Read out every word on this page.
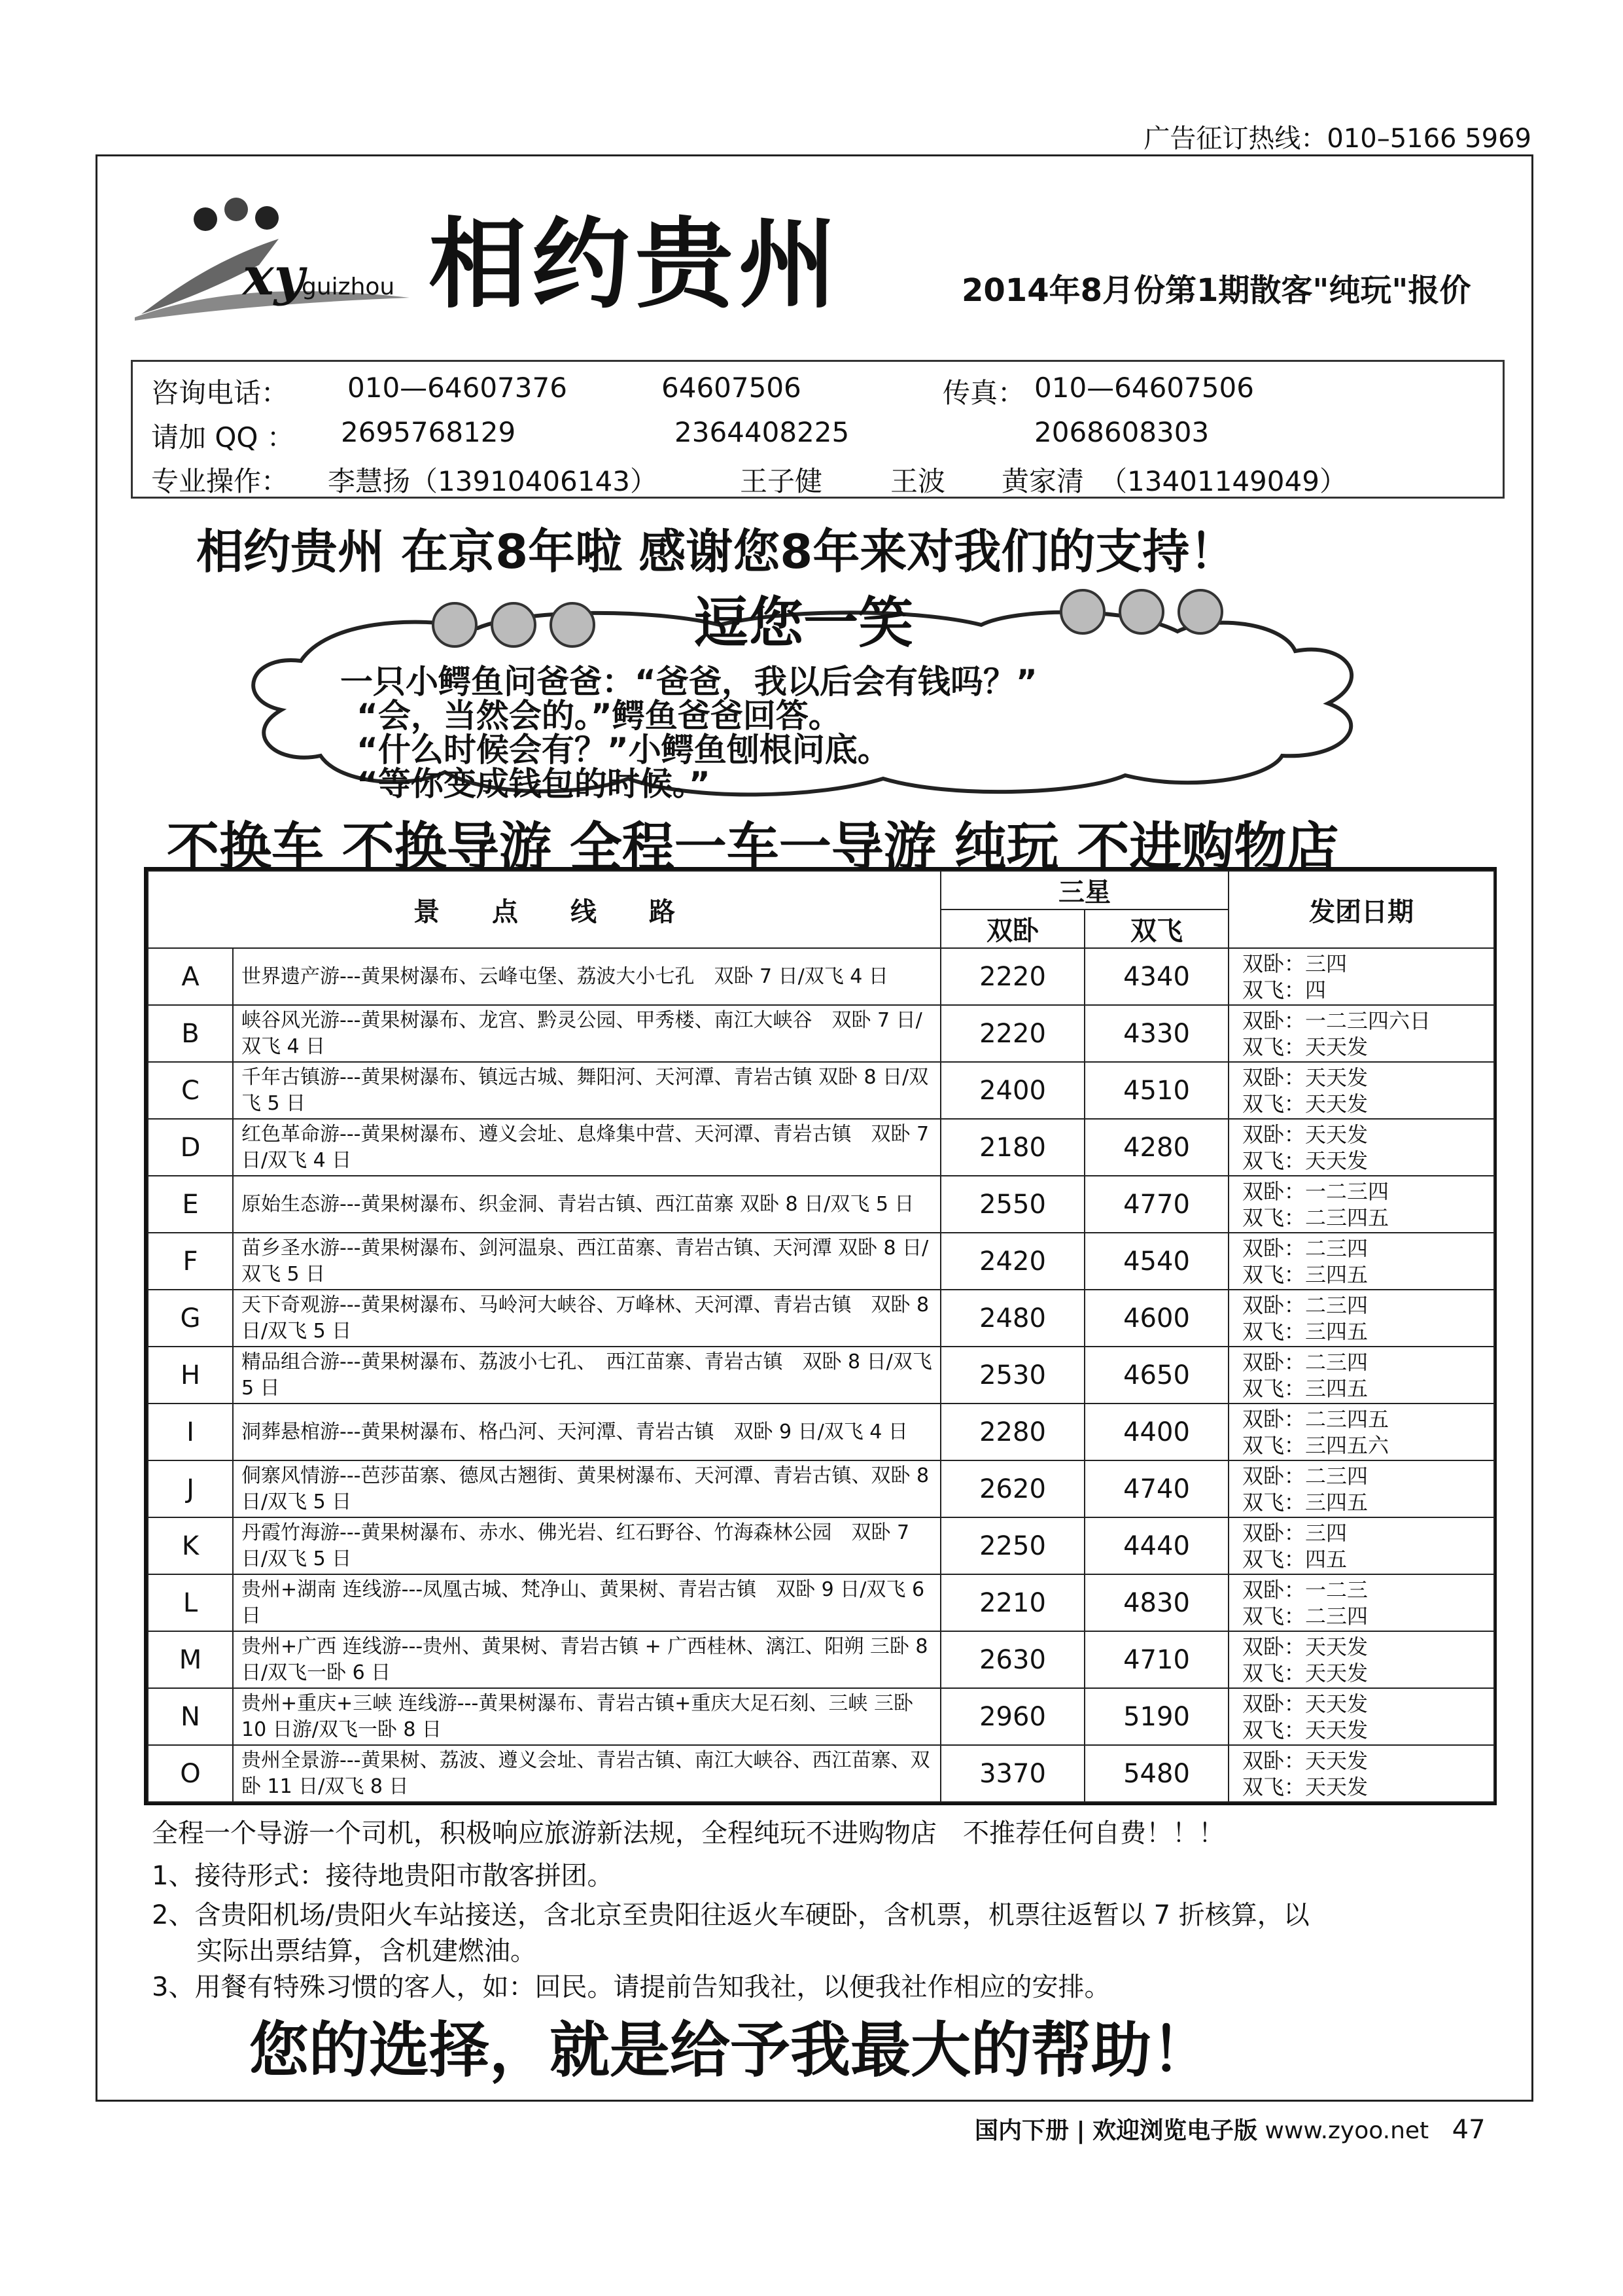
广告征订热线：010–5166 5969
xy
guizhou 相约贵州	2014年8月份第1期散客"纯玩"报价
咨询电话： 010—64607376	64607506	传真： 010—64607506
请加 QQ ： 2695768129	2364408225	2068608303
专业操作： 李慧扬（13910406143）	王子健 王波 黄家清 （13401149049）
相约贵州 在京8年啦 感谢您8年来对我们的支持！
逗您一笑
一只小鳄鱼问爸爸：“爸爸，我以后会有钱吗？”
“会，当然会的。”鳄鱼爸爸回答。
“什么时候会有？”小鳄鱼刨根问底。
“等你变成钱包的时候。”
不换车 不换导游 全程一车一导游 纯玩 不进购物店
景　　点　　线　　路		三星		发团日期
		双卧	双飞	
A	世界遗产游---黄果树瀑布、云峰屯堡、荔波大小七孔　双卧 7 日/双飞 4 日	2220	4340	双卧：三四
双飞：四

B	峡谷风光游---黄果树瀑布、龙宫、黔灵公园、甲秀楼、南江大峡谷　双卧 7 日/双飞 4 日	2220	4330	双卧：一二三四六日
双飞：天天发

C	千年古镇游---黄果树瀑布、镇远古城、舞阳河、天河潭、青岩古镇 双卧 8 日/双飞 5 日	2400	4510	双卧：天天发
双飞：天天发

D	红色革命游---黄果树瀑布、遵义会址、息烽集中营、天河潭、青岩古镇　双卧 7 日/双飞 4 日	2180	4280	双卧：天天发
双飞：天天发

E	原始生态游---黄果树瀑布、织金洞、青岩古镇、西江苗寨 双卧 8 日/双飞 5 日	2550	4770	双卧：一二三四
双飞：二三四五

F	苗乡圣水游---黄果树瀑布、剑河温泉、西江苗寨、青岩古镇、天河潭 双卧 8 日/双飞 5 日	2420	4540	双卧：二三四
双飞：三四五

G	天下奇观游---黄果树瀑布、马岭河大峡谷、万峰林、天河潭、青岩古镇　双卧 8 日/双飞 5 日	2480	4600	双卧：二三四
双飞：三四五

H	精品组合游---黄果树瀑布、荔波小七孔、　西江苗寨、青岩古镇　双卧 8 日/双飞 5 日	2530	4650	双卧：二三四
双飞：三四五

I	洞葬悬棺游---黄果树瀑布、格凸河、天河潭、青岩古镇　双卧 9 日/双飞 4 日	2280	4400	双卧：二三四五
双飞：三四五六

J	侗寨风情游---芭莎苗寨、德凤古翘街、黄果树瀑布、天河潭、青岩古镇、双卧 8 日/双飞 5 日	2620	4740	双卧：二三四
双飞：三四五

K	丹霞竹海游---黄果树瀑布、赤水、佛光岩、红石野谷、竹海森林公园　双卧 7 日/双飞 5 日	2250	4440	双卧：三四
双飞：四五

L	贵州+湖南 连线游---凤凰古城、梵净山、黄果树、青岩古镇　双卧 9 日/双飞 6 日	2210	4830	双卧：一二三
双飞：二三四

M	贵州+广西 连线游---贵州、黄果树、青岩古镇 + 广西桂林、漓江、阳朔 三卧 8 日/双飞一卧 6 日	2630	4710	双卧：天天发
双飞：天天发

N	贵州+重庆+三峡 连线游---黄果树瀑布、青岩古镇+重庆大足石刻、三峡 三卧 10 日游/双飞一卧 8 日	2960	5190	双卧：天天发
双飞：天天发

O	贵州全景游---黄果树、荔波、遵义会址、青岩古镇、南江大峡谷、西江苗寨、双卧 11 日/双飞 8 日	3370	5480	双卧：天天发
双飞：天天发
全程一个导游一个司机，积极响应旅游新法规，全程纯玩不进购物店　不推荐任何自费！！！
1、接待形式：接待地贵阳市散客拼团。
2、含贵阳机场/贵阳火车站接送，含北京至贵阳往返火车硬卧，含机票，机票往返暂以 7 折核算，以
实际出票结算，含机建燃油。
3、用餐有特殊习惯的客人，如：回民。请提前告知我社，以便我社作相应的安排。
您的选择，就是给予我最大的帮助！
国内下册 | 欢迎浏览电子版 www.zyoo.net 47
